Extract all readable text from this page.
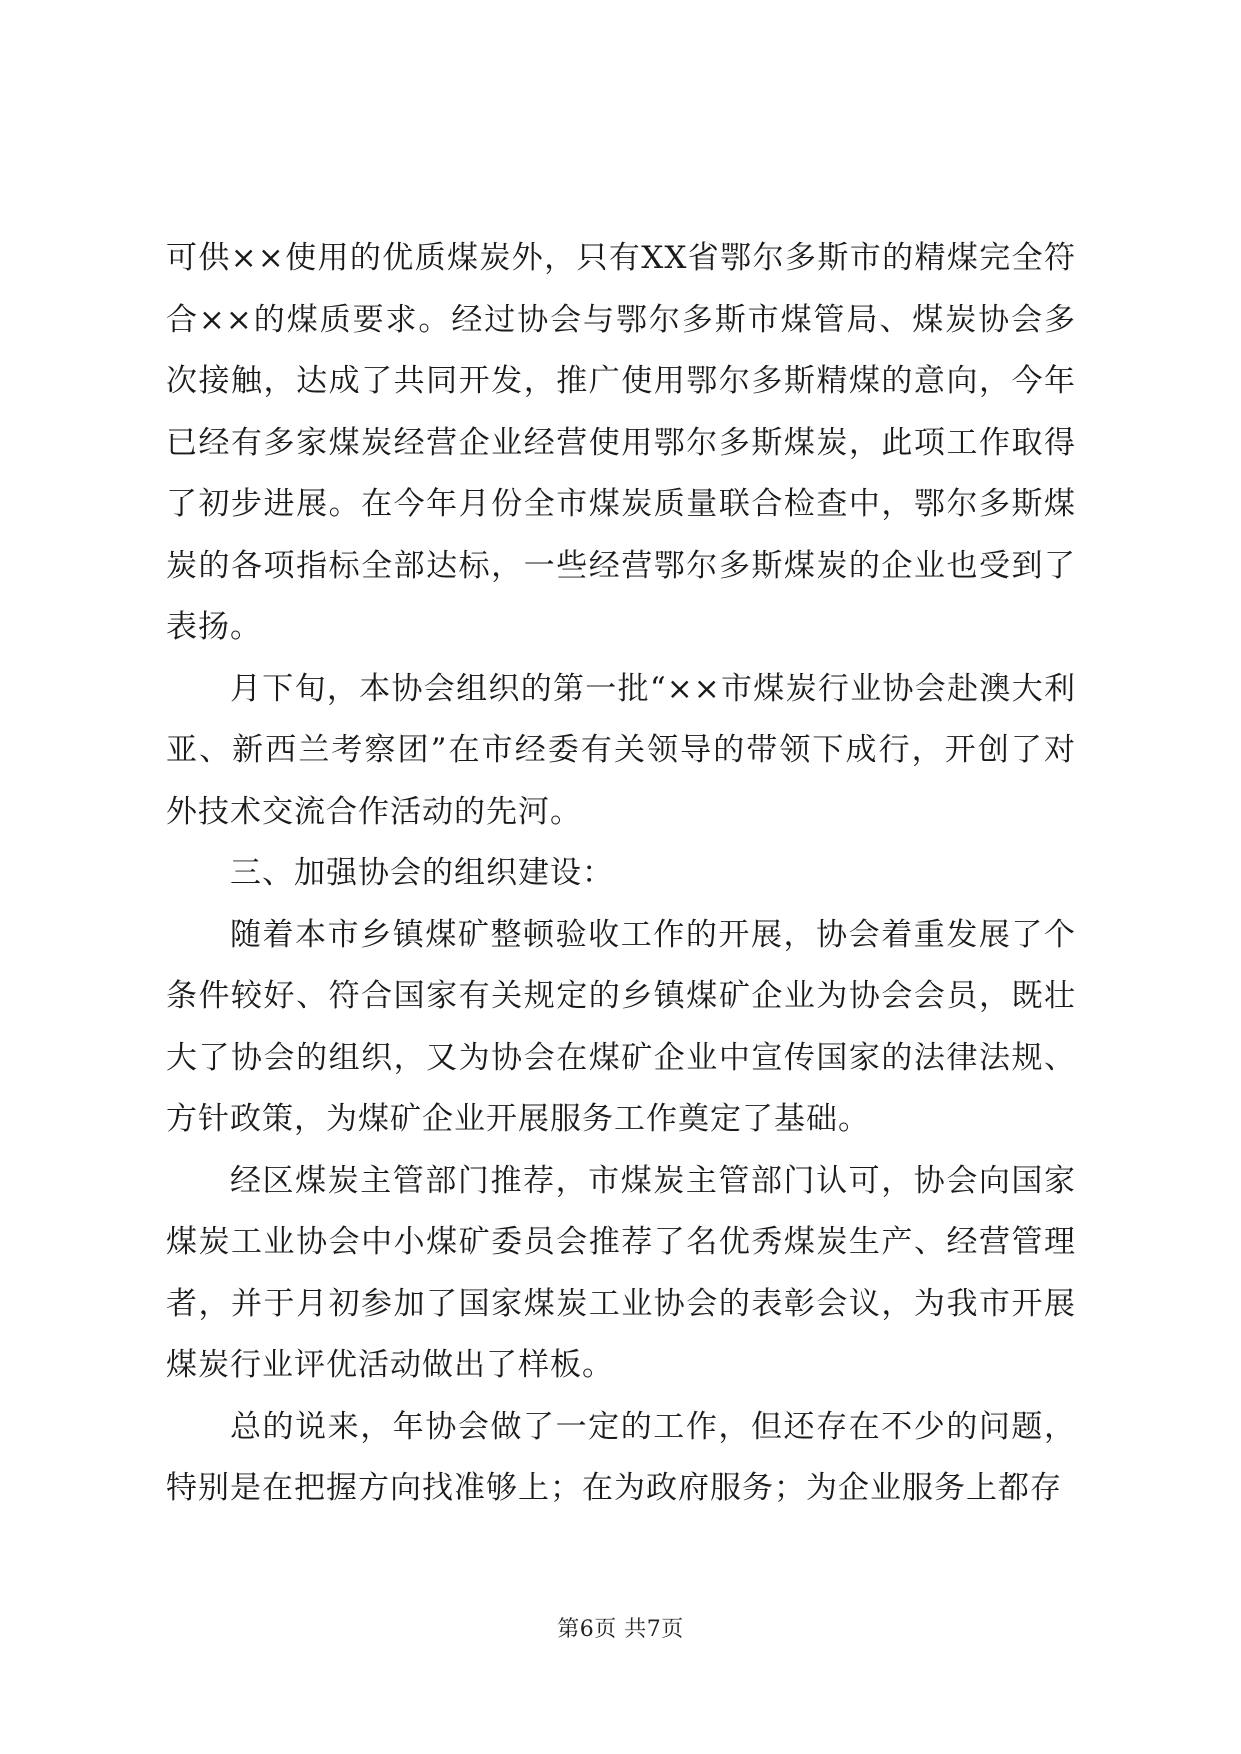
可供××使用的优质煤炭外，只有XX省鄂尔多斯市的精煤完全符合××的煤质要求。经过协会与鄂尔多斯市煤管局、煤炭协会多次接触，达成了共同开发，推广使用鄂尔多斯精煤的意向，今年已经有多家煤炭经营企业经营使用鄂尔多斯煤炭，此项工作取得了初步进展。在今年月份全市煤炭质量联合检查中，鄂尔多斯煤炭的各项指标全部达标，一些经营鄂尔多斯煤炭的企业也受到了表扬。

月下旬，本协会组织的第一批“××市煤炭行业协会赴澳大利亚、新西兰考察团”在市经委有关领导的带领下成行，开创了对外技术交流合作活动的先河。

三、加强协会的组织建设：

随着本市乡镇煤矿整顿验收工作的开展，协会着重发展了个条件较好、符合国家有关规定的乡镇煤矿企业为协会会员，既壮大了协会的组织，又为协会在煤矿企业中宣传国家的法律法规、方针政策，为煤矿企业开展服务工作奠定了基础。

经区煤炭主管部门推荐，市煤炭主管部门认可，协会向国家煤炭工业协会中小煤矿委员会推荐了名优秀煤炭生产、经营管理者，并于月初参加了国家煤炭工业协会的表彰会议，为我市开展煤炭行业评优活动做出了样板。

总的说来，年协会做了一定的工作，但还存在不少的问题，特别是在把握方向找准够上；在为政府服务；为企业服务上都存

第6页 共7页
